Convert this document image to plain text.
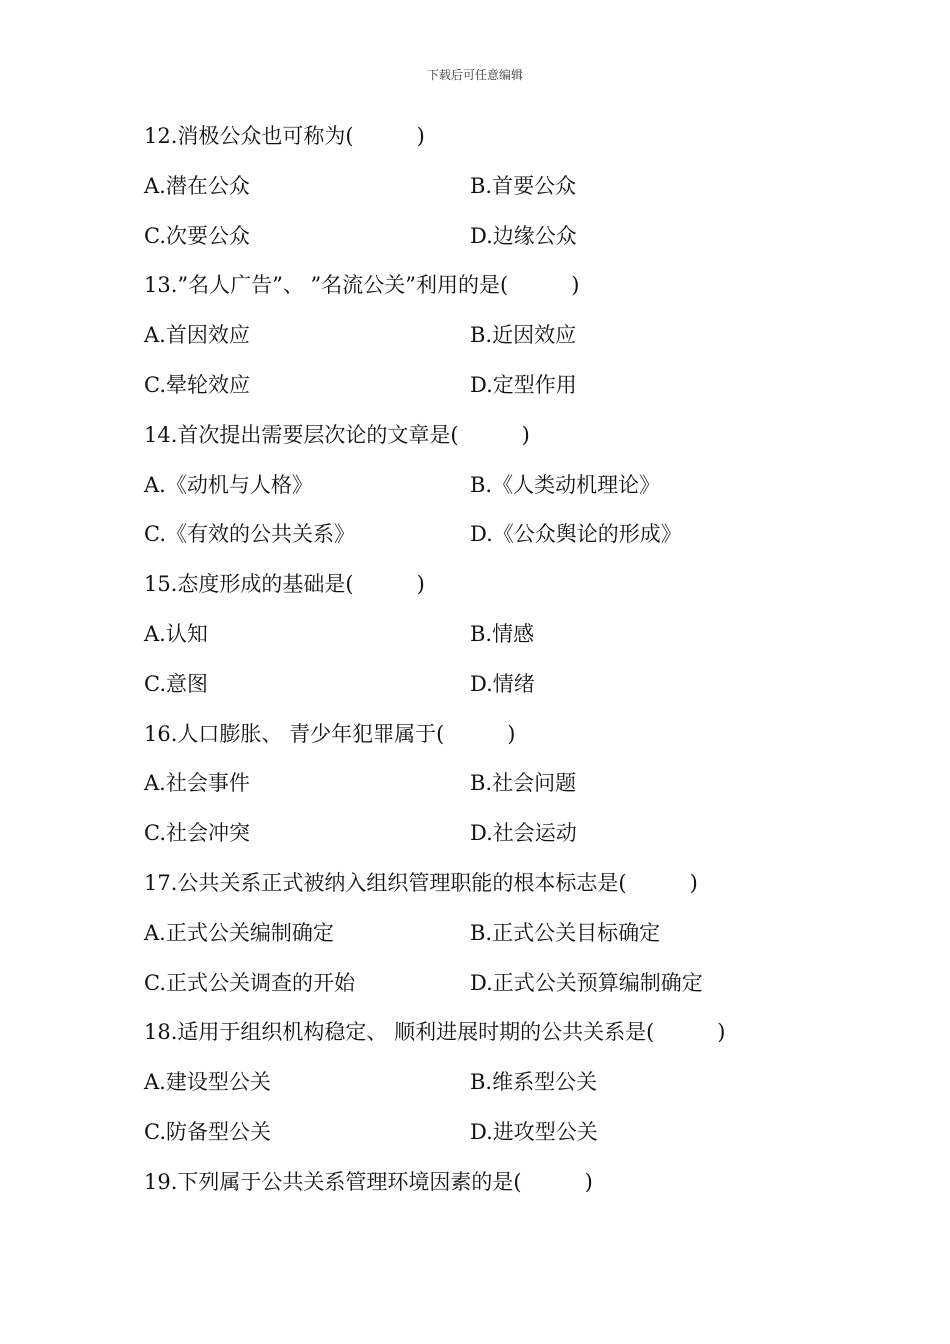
下载后可任意编辑
12.消极公众也可称为(　　　)
A.潜在公众	B.首要公众
C.次要公众	D.边缘公众
13.”名人广告”、 ”名流公关”利用的是(　　　)
A.首因效应	B.近因效应
C.晕轮效应	D.定型作用
14.首次提出需要层次论的文章是(　　　)
A.《动机与人格》	B.《人类动机理论》
C.《有效的公共关系》	D.《公众舆论的形成》
15.态度形成的基础是(　　　)
A.认知	B.情感
C.意图	D.情绪
16.人口膨胀、 青少年犯罪属于(　　　)
A.社会事件	B.社会问题
C.社会冲突	D.社会运动
17.公共关系正式被纳入组织管理职能的根本标志是(　　　)
A.正式公关编制确定	B.正式公关目标确定
C.正式公关调查的开始	D.正式公关预算编制确定
18.适用于组织机构稳定、 顺利进展时期的公共关系是(　　　)
A.建设型公关	B.维系型公关
C.防备型公关	D.进攻型公关
19.下列属于公共关系管理环境因素的是(　　　)
